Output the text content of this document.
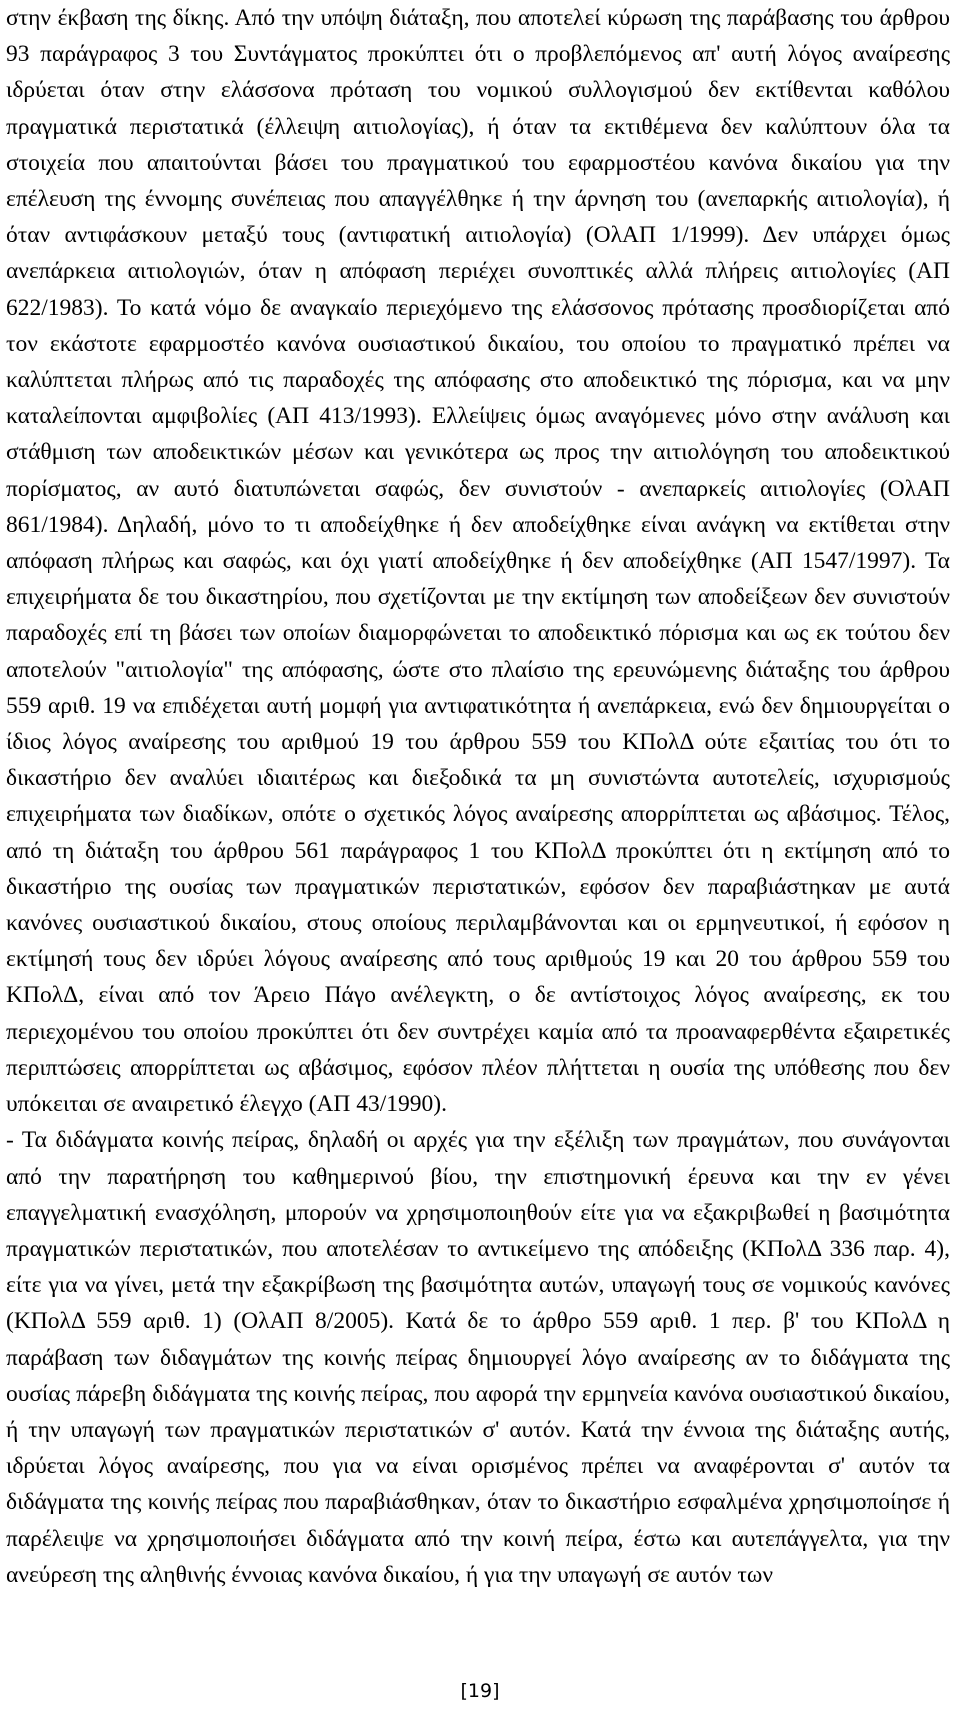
στην έκβαση της δίκης. Από την υπόψη διάταξη, που αποτελεί κύρωση της παράβασης του άρθρου 93 παράγραφος 3 του Συντάγματος προκύπτει ότι ο προβλεπόμενος απ' αυτή λόγος αναίρεσης ιδρύεται όταν στην ελάσσονα πρόταση του νομικού συλλογισμού δεν εκτίθενται καθόλου πραγματικά περιστατικά (έλλειψη αιτιολογίας), ή όταν τα εκτιθέμενα δεν καλύπτουν όλα τα στοιχεία που απαιτούνται βάσει του πραγματικού του εφαρμοστέου κανόνα δικαίου για την επέλευση της έννομης συνέπειας που απαγγέλθηκε ή την άρνηση του (ανεπαρκής αιτιολογία), ή όταν αντιφάσκουν μεταξύ τους (αντιφατική αιτιολογία) (ΟλΑΠ 1/1999). Δεν υπάρχει όμως ανεπάρκεια αιτιολογιών, όταν η απόφαση περιέχει συνοπτικές αλλά πλήρεις αιτιολογίες (ΑΠ 622/1983). Το κατά νόμο δε αναγκαίο περιεχόμενο της ελάσσονος πρότασης προσδιορίζεται από τον εκάστοτε εφαρμοστέο κανόνα ουσιαστικού δικαίου, του οποίου το πραγματικό πρέπει να καλύπτεται πλήρως από τις παραδοχές της απόφασης στο αποδεικτικό της πόρισμα, και να μην καταλείπονται αμφιβολίες (ΑΠ 413/1993). Ελλείψεις όμως αναγόμενες μόνο στην ανάλυση και στάθμιση των αποδεικτικών μέσων και γενικότερα ως προς την αιτιολόγηση του αποδεικτικού πορίσματος, αν αυτό διατυπώνεται σαφώς, δεν συνιστούν - ανεπαρκείς αιτιολογίες (ΟλΑΠ 861/1984). Δηλαδή, μόνο το τι αποδείχθηκε ή δεν αποδείχθηκε είναι ανάγκη να εκτίθεται στην απόφαση πλήρως και σαφώς, και όχι γιατί αποδείχθηκε ή δεν αποδείχθηκε (ΑΠ 1547/1997). Τα επιχειρήματα δε του δικαστηρίου, που σχετίζονται με την εκτίμηση των αποδείξεων δεν συνιστούν παραδοχές επί τη βάσει των οποίων διαμορφώνεται το αποδεικτικό πόρισμα και ως εκ τούτου δεν αποτελούν "αιτιολογία" της απόφασης, ώστε στο πλαίσιο της ερευνώμενης διάταξης του άρθρου 559 αριθ. 19 να επιδέχεται αυτή μομφή για αντιφατικότητα ή ανεπάρκεια, ενώ δεν δημιουργείται ο ίδιος λόγος αναίρεσης του αριθμού 19 του άρθρου 559 του ΚΠολΔ ούτε εξαιτίας του ότι το δικαστήριο δεν αναλύει ιδιαιτέρως και διεξοδικά τα μη συνιστώντα αυτοτελείς, ισχυρισμούς επιχειρήματα των διαδίκων, οπότε ο σχετικός λόγος αναίρεσης απορρίπτεται ως αβάσιμος. Τέλος, από τη διάταξη του άρθρου 561 παράγραφος 1 του ΚΠολΔ προκύπτει ότι η εκτίμηση από το δικαστήριο της ουσίας των πραγματικών περιστατικών, εφόσον δεν παραβιάστηκαν με αυτά κανόνες ουσιαστικού δικαίου, στους οποίους περιλαμβάνονται και οι ερμηνευτικοί, ή εφόσον η εκτίμησή τους δεν ιδρύει λόγους αναίρεσης από τους αριθμούς 19 και 20 του άρθρου 559 του ΚΠολΔ, είναι από τον Άρειο Πάγο ανέλεγκτη, ο δε αντίστοιχος λόγος αναίρεσης, εκ του περιεχομένου του οποίου προκύπτει ότι δεν συντρέχει καμία από τα προαναφερθέντα εξαιρετικές περιπτώσεις απορρίπτεται ως αβάσιμος, εφόσον πλέον πλήττεται η ουσία της υπόθεσης που δεν υπόκειται σε αναιρετικό έλεγχο (ΑΠ 43/1990).

- Τα διδάγματα κοινής πείρας, δηλαδή οι αρχές για την εξέλιξη των πραγμάτων, που συνάγονται από την παρατήρηση του καθημερινού βίου, την επιστημονική έρευνα και την εν γένει επαγγελματική ενασχόληση, μπορούν να χρησιμοποιηθούν είτε για να εξακριβωθεί η βασιμότητα πραγματικών περιστατικών, που αποτελέσαν το αντικείμενο της απόδειξης (ΚΠολΔ 336 παρ. 4), είτε για να γίνει, μετά την εξακρίβωση της βασιμότητα αυτών, υπαγωγή τους σε νομικούς κανόνες (ΚΠολΔ 559 αριθ. 1) (ΟλΑΠ 8/2005). Κατά δε το άρθρο 559 αριθ. 1 περ. β' του ΚΠολΔ η παράβαση των διδαγμάτων της κοινής πείρας δημιουργεί λόγο αναίρεσης αν το διδάγματα της ουσίας πάρεβη διδάγματα της κοινής πείρας, που αφορά την ερμηνεία κανόνα ουσιαστικού δικαίου, ή την υπαγωγή των πραγματικών περιστατικών σ' αυτόν. Κατά την έννοια της διάταξης αυτής, ιδρύεται λόγος αναίρεσης, που για να είναι ορισμένος πρέπει να αναφέρονται σ' αυτόν τα διδάγματα της κοινής πείρας που παραβιάσθηκαν, όταν το δικαστήριο εσφαλμένα χρησιμοποίησε ή παρέλειψε να χρησιμοποιήσει διδάγματα από την κοινή πείρα, έστω και αυτεπάγγελτα, για την ανεύρεση της αληθινής έννοιας κανόνα δικαίου, ή για την υπαγωγή σε αυτόν των

[19]
